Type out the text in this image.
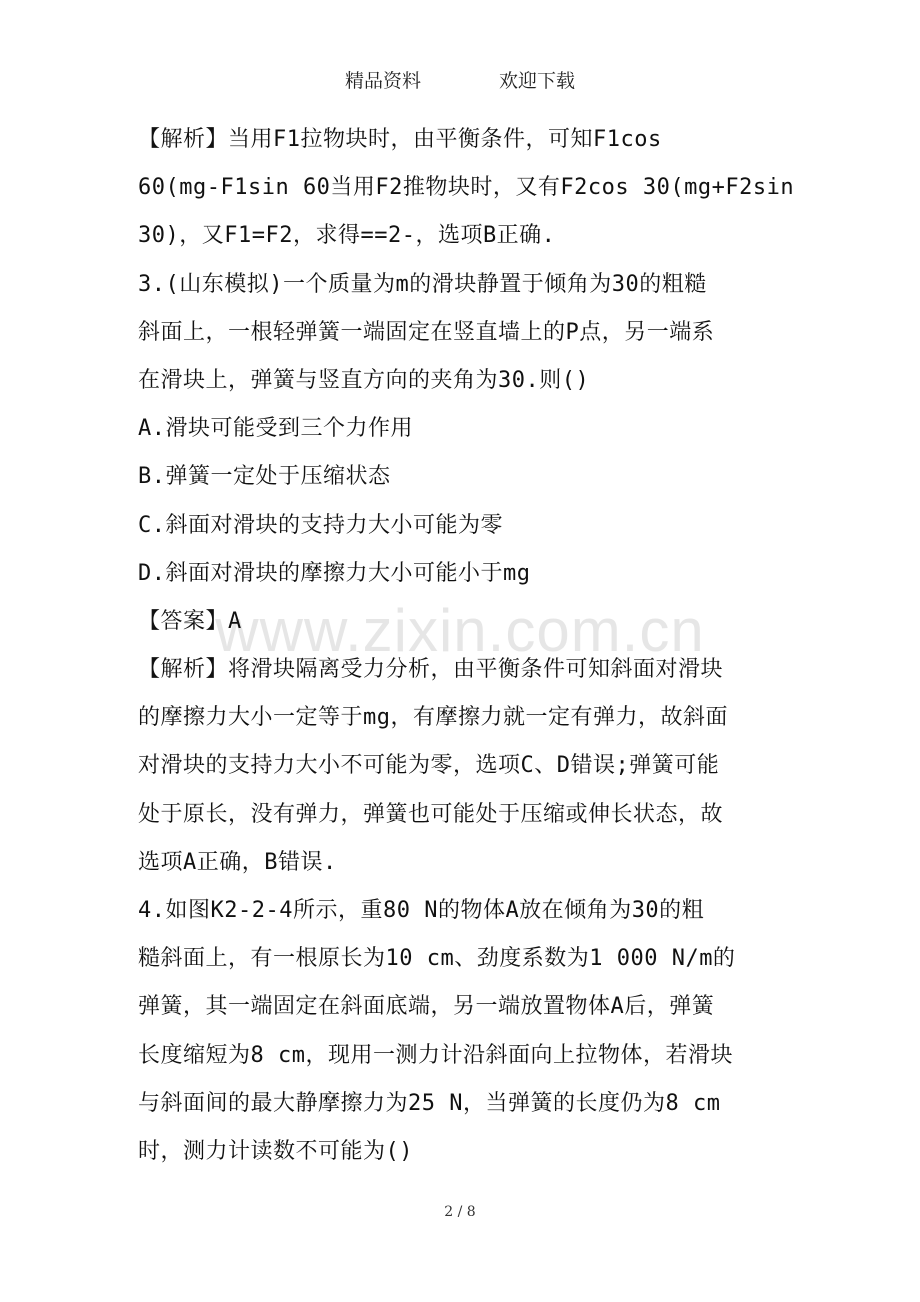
精品资料	欢迎下载
www.zixin.com.cn
【解析】当用F1拉物块时，由平衡条件，可知F1cos
60(mg-F1sin 60当用F2推物块时，又有F2cos 30(mg+F2sin
30)，又F1=F2，求得==2-，选项B正确.
3.(山东模拟)一个质量为m的滑块静置于倾角为30的粗糙
斜面上，一根轻弹簧一端固定在竖直墙上的P点，另一端系
在滑块上，弹簧与竖直方向的夹角为30.则()
A.滑块可能受到三个力作用
B.弹簧一定处于压缩状态
C.斜面对滑块的支持力大小可能为零
D.斜面对滑块的摩擦力大小可能小于mg
【答案】A
【解析】将滑块隔离受力分析，由平衡条件可知斜面对滑块
的摩擦力大小一定等于mg，有摩擦力就一定有弹力，故斜面
对滑块的支持力大小不可能为零，选项C、D错误;弹簧可能
处于原长，没有弹力，弹簧也可能处于压缩或伸长状态，故
选项A正确，B错误.
4.如图K2-2-4所示，重80 N的物体A放在倾角为30的粗
糙斜面上，有一根原长为10 cm、劲度系数为1 000 N/m的
弹簧，其一端固定在斜面底端，另一端放置物体A后，弹簧
长度缩短为8 cm，现用一测力计沿斜面向上拉物体，若滑块
与斜面间的最大静摩擦力为25 N，当弹簧的长度仍为8 cm
时，测力计读数不可能为()
2 / 8
